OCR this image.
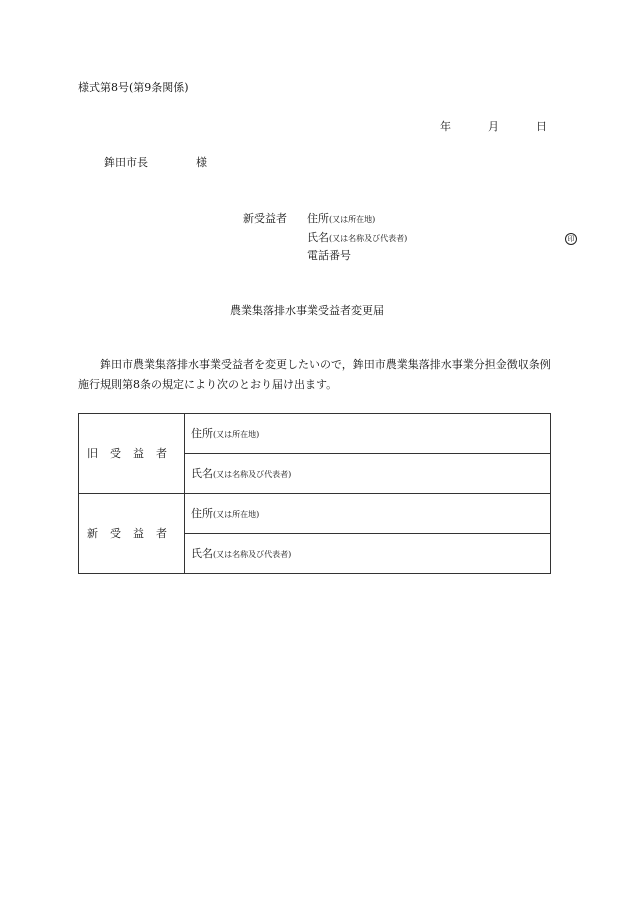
様式第8号(第9条関係)
年	月	日
鉾田市長	様
新受益者 住所(又は所在地)
氏名(又は名称及び代表者)	印
電話番号
農業集落排水事業受益者変更届
鉾田市農業集落排水事業受益者を変更したいので，鉾田市農業集落排水事業分担金徴収条例施行規則第8条の規定により次のとおり届け出ます。
旧　受　益　者	住所(又は所在地)
	氏名(又は名称及び代表者)

新　受　益　者	住所(又は所在地)
	氏名(又は名称及び代表者)
